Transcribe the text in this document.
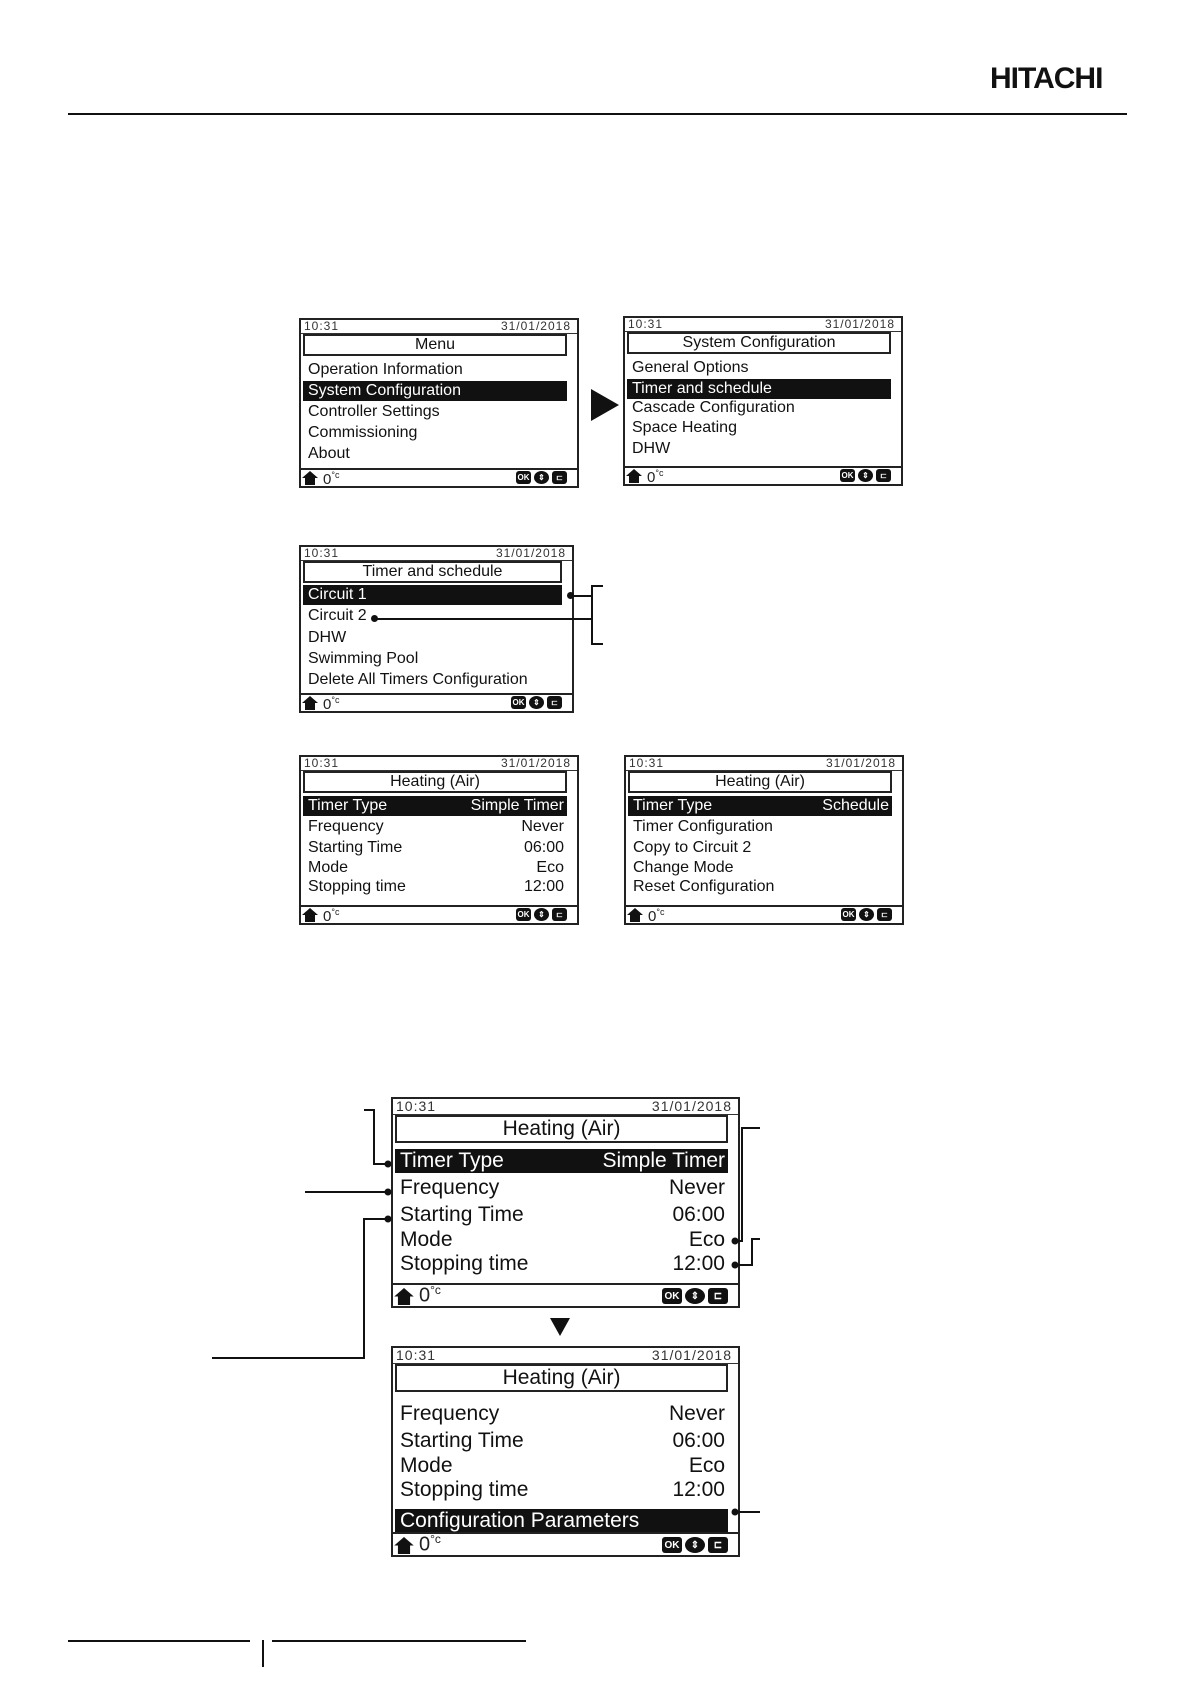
HITACHI
10:31	31/01/2018
Menu
Operation Information
System Configuration
Controller Settings
Commissioning
About
$0^{^\circ c}$	OK	⇕	⊏
10:31	31/01/2018
System Configuration
General Options
Timer and schedule
Cascade Configuration
Space Heating
DHW
$0^{^\circ c}$	OK	⇕	⊏
10:31	31/01/2018
Timer and schedule
Circuit 1
Circuit 2
DHW
Swimming Pool
Delete All Timers Configuration
$0^{^\circ c}$	OK	⇕	⊏
10:31	31/01/2018
Heating (Air)
Timer Type	Simple Timer
Frequency	Never
Starting Time	06:00
Mode	Eco
Stopping time	12:00
$0^{^\circ c}$	OK	⇕	⊏
10:31	31/01/2018
Heating (Air)
Timer Type	Schedule
Timer Configuration
Copy to Circuit 2
Change Mode
Reset Configuration
$0^{^\circ c}$	OK	⇕	⊏
10:31	31/01/2018
Heating (Air)
Timer Type	Simple Timer
Frequency	Never
Starting Time	06:00
Mode	Eco
Stopping time	12:00
$0^{^\circ c}$	OK	⇕	⊏
10:31	31/01/2018
Heating (Air)
Frequency	Never
Starting Time	06:00
Mode	Eco
Stopping time	12:00
Configuration Parameters
$0^{^\circ c}$	OK	⇕	⊏
